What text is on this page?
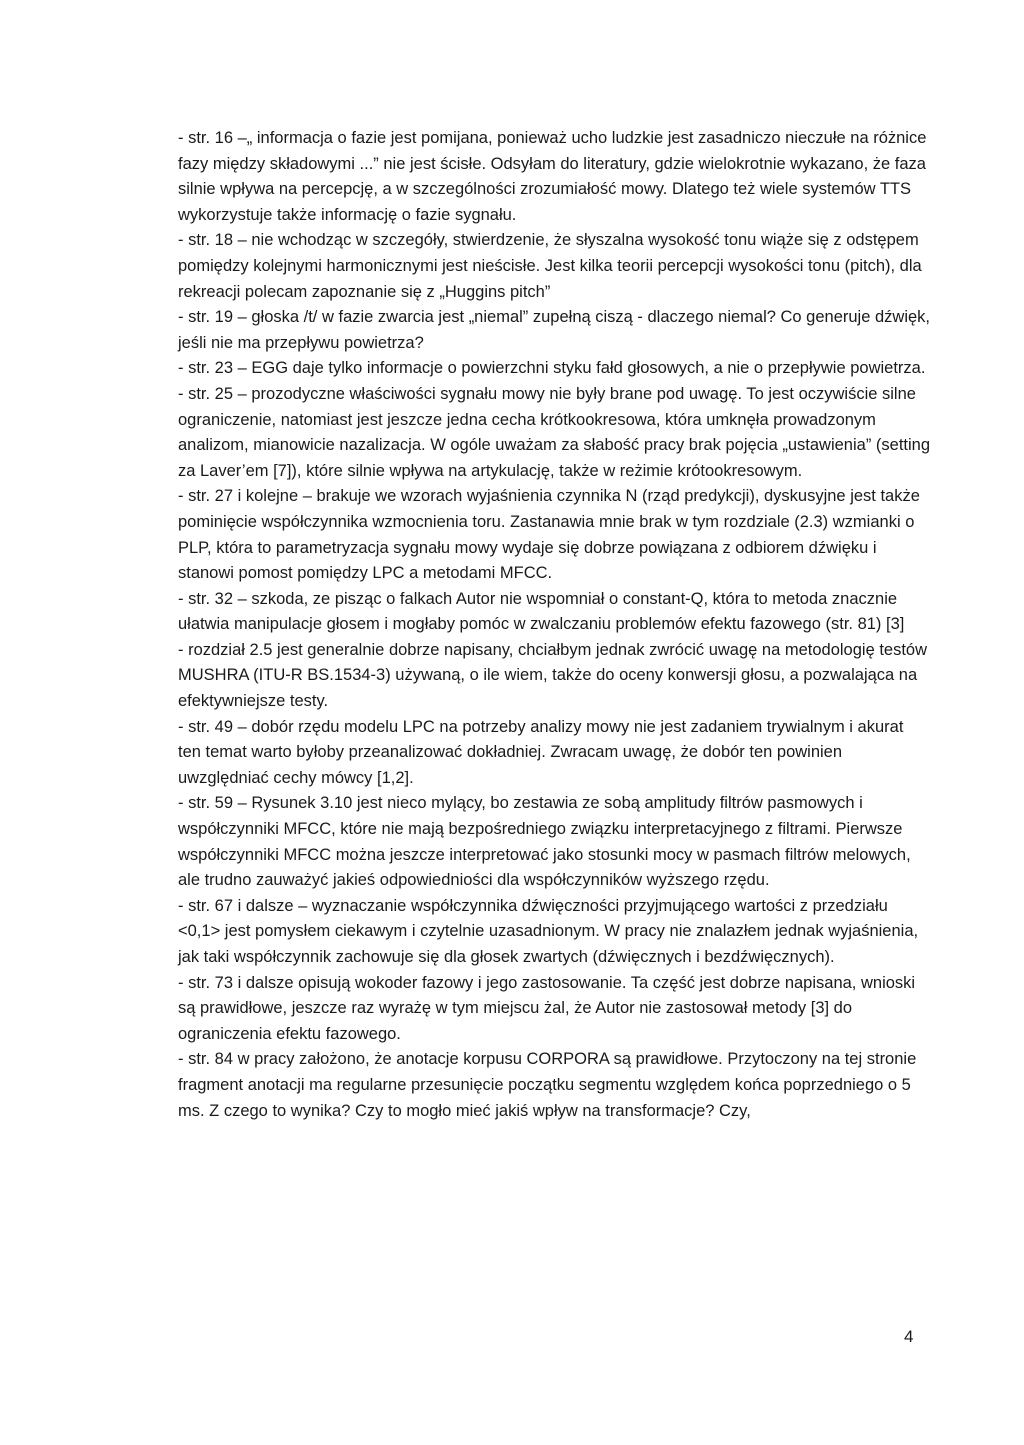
- str. 16 –„ informacja o fazie jest pomijana, ponieważ ucho ludzkie jest zasadniczo nieczułe na różnice fazy między składowymi ...” nie jest ścisłe. Odsyłam do literatury, gdzie wielokrotnie wykazano, że faza silnie wpływa na percepcję, a w szczególności zrozumiałość mowy. Dlatego też wiele systemów TTS wykorzystuje także informację o fazie sygnału.

- str. 18 – nie wchodząc w szczegóły, stwierdzenie, że słyszalna wysokość tonu wiąże się z odstępem pomiędzy kolejnymi harmonicznymi jest nieścisłe. Jest kilka teorii percepcji wysokości tonu (pitch), dla rekreacji polecam zapoznanie się z „Huggins pitch”

- str. 19 – głoska /t/ w fazie zwarcia jest „niemal” zupełną ciszą - dlaczego niemal? Co generuje dźwięk, jeśli nie ma przepływu powietrza?

- str. 23 – EGG daje tylko informacje o powierzchni styku fałd głosowych, a nie o przepływie powietrza.

- str. 25 – prozodyczne właściwości sygnału mowy nie były brane pod uwagę. To jest oczywiście silne ograniczenie, natomiast jest jeszcze jedna cecha krótkookresowa, która umknęła prowadzonym analizom, mianowicie nazalizacja. W ogóle uważam za słabość pracy brak pojęcia „ustawienia” (setting za Laver’em [7]), które silnie wpływa na artykulację, także w reżimie krótookresowym.

- str. 27 i kolejne – brakuje we wzorach wyjaśnienia czynnika N (rząd predykcji), dyskusyjne jest także pominięcie współczynnika wzmocnienia toru. Zastanawia mnie brak w tym rozdziale (2.3) wzmianki o PLP, która to parametryzacja sygnału mowy wydaje się dobrze powiązana z odbiorem dźwięku i stanowi pomost pomiędzy LPC a metodami MFCC.

- str. 32 – szkoda, ze pisząc o falkach Autor nie wspomniał o constant-Q, która to metoda znacznie ułatwia manipulacje głosem i mogłaby pomóc w zwalczaniu problemów efektu fazowego (str. 81) [3]

- rozdział 2.5 jest generalnie dobrze napisany, chciałbym jednak zwrócić uwagę na metodologię testów MUSHRA (ITU-R BS.1534-3) używaną, o ile wiem, także do oceny konwersji głosu, a pozwalająca na efektywniejsze testy.

- str. 49 – dobór rzędu modelu LPC na potrzeby analizy mowy nie jest zadaniem trywialnym i akurat ten temat warto byłoby przeanalizować dokładniej. Zwracam uwagę, że dobór ten powinien uwzględniać cechy mówcy [1,2].

- str. 59 – Rysunek 3.10 jest nieco mylący, bo zestawia ze sobą amplitudy filtrów pasmowych i współczynniki MFCC, które nie mają bezpośredniego związku interpretacyjnego z filtrami. Pierwsze współczynniki MFCC można jeszcze interpretować jako stosunki mocy w pasmach filtrów melowych, ale trudno zauważyć jakieś odpowiedniości dla współczynników wyższego rzędu.

- str. 67 i dalsze – wyznaczanie współczynnika dźwięczności przyjmującego wartości z przedziału <0,1> jest pomysłem ciekawym i czytelnie uzasadnionym. W pracy nie znalazłem jednak wyjaśnienia, jak taki współczynnik zachowuje się dla głosek zwartych (dźwięcznych i bezdźwięcznych).

- str. 73 i dalsze opisują wokoder fazowy i jego zastosowanie. Ta część jest dobrze napisana, wnioski są prawidłowe, jeszcze raz wyrażę w tym miejscu żal, że Autor nie zastosował metody [3] do ograniczenia efektu fazowego.

- str. 84 w pracy założono, że anotacje korpusu CORPORA są prawidłowe. Przytoczony na tej stronie fragment anotacji ma regularne przesunięcie początku segmentu względem końca poprzedniego o 5 ms. Z czego to wynika? Czy to mogło mieć jakiś wpływ na transformacje? Czy,

4
